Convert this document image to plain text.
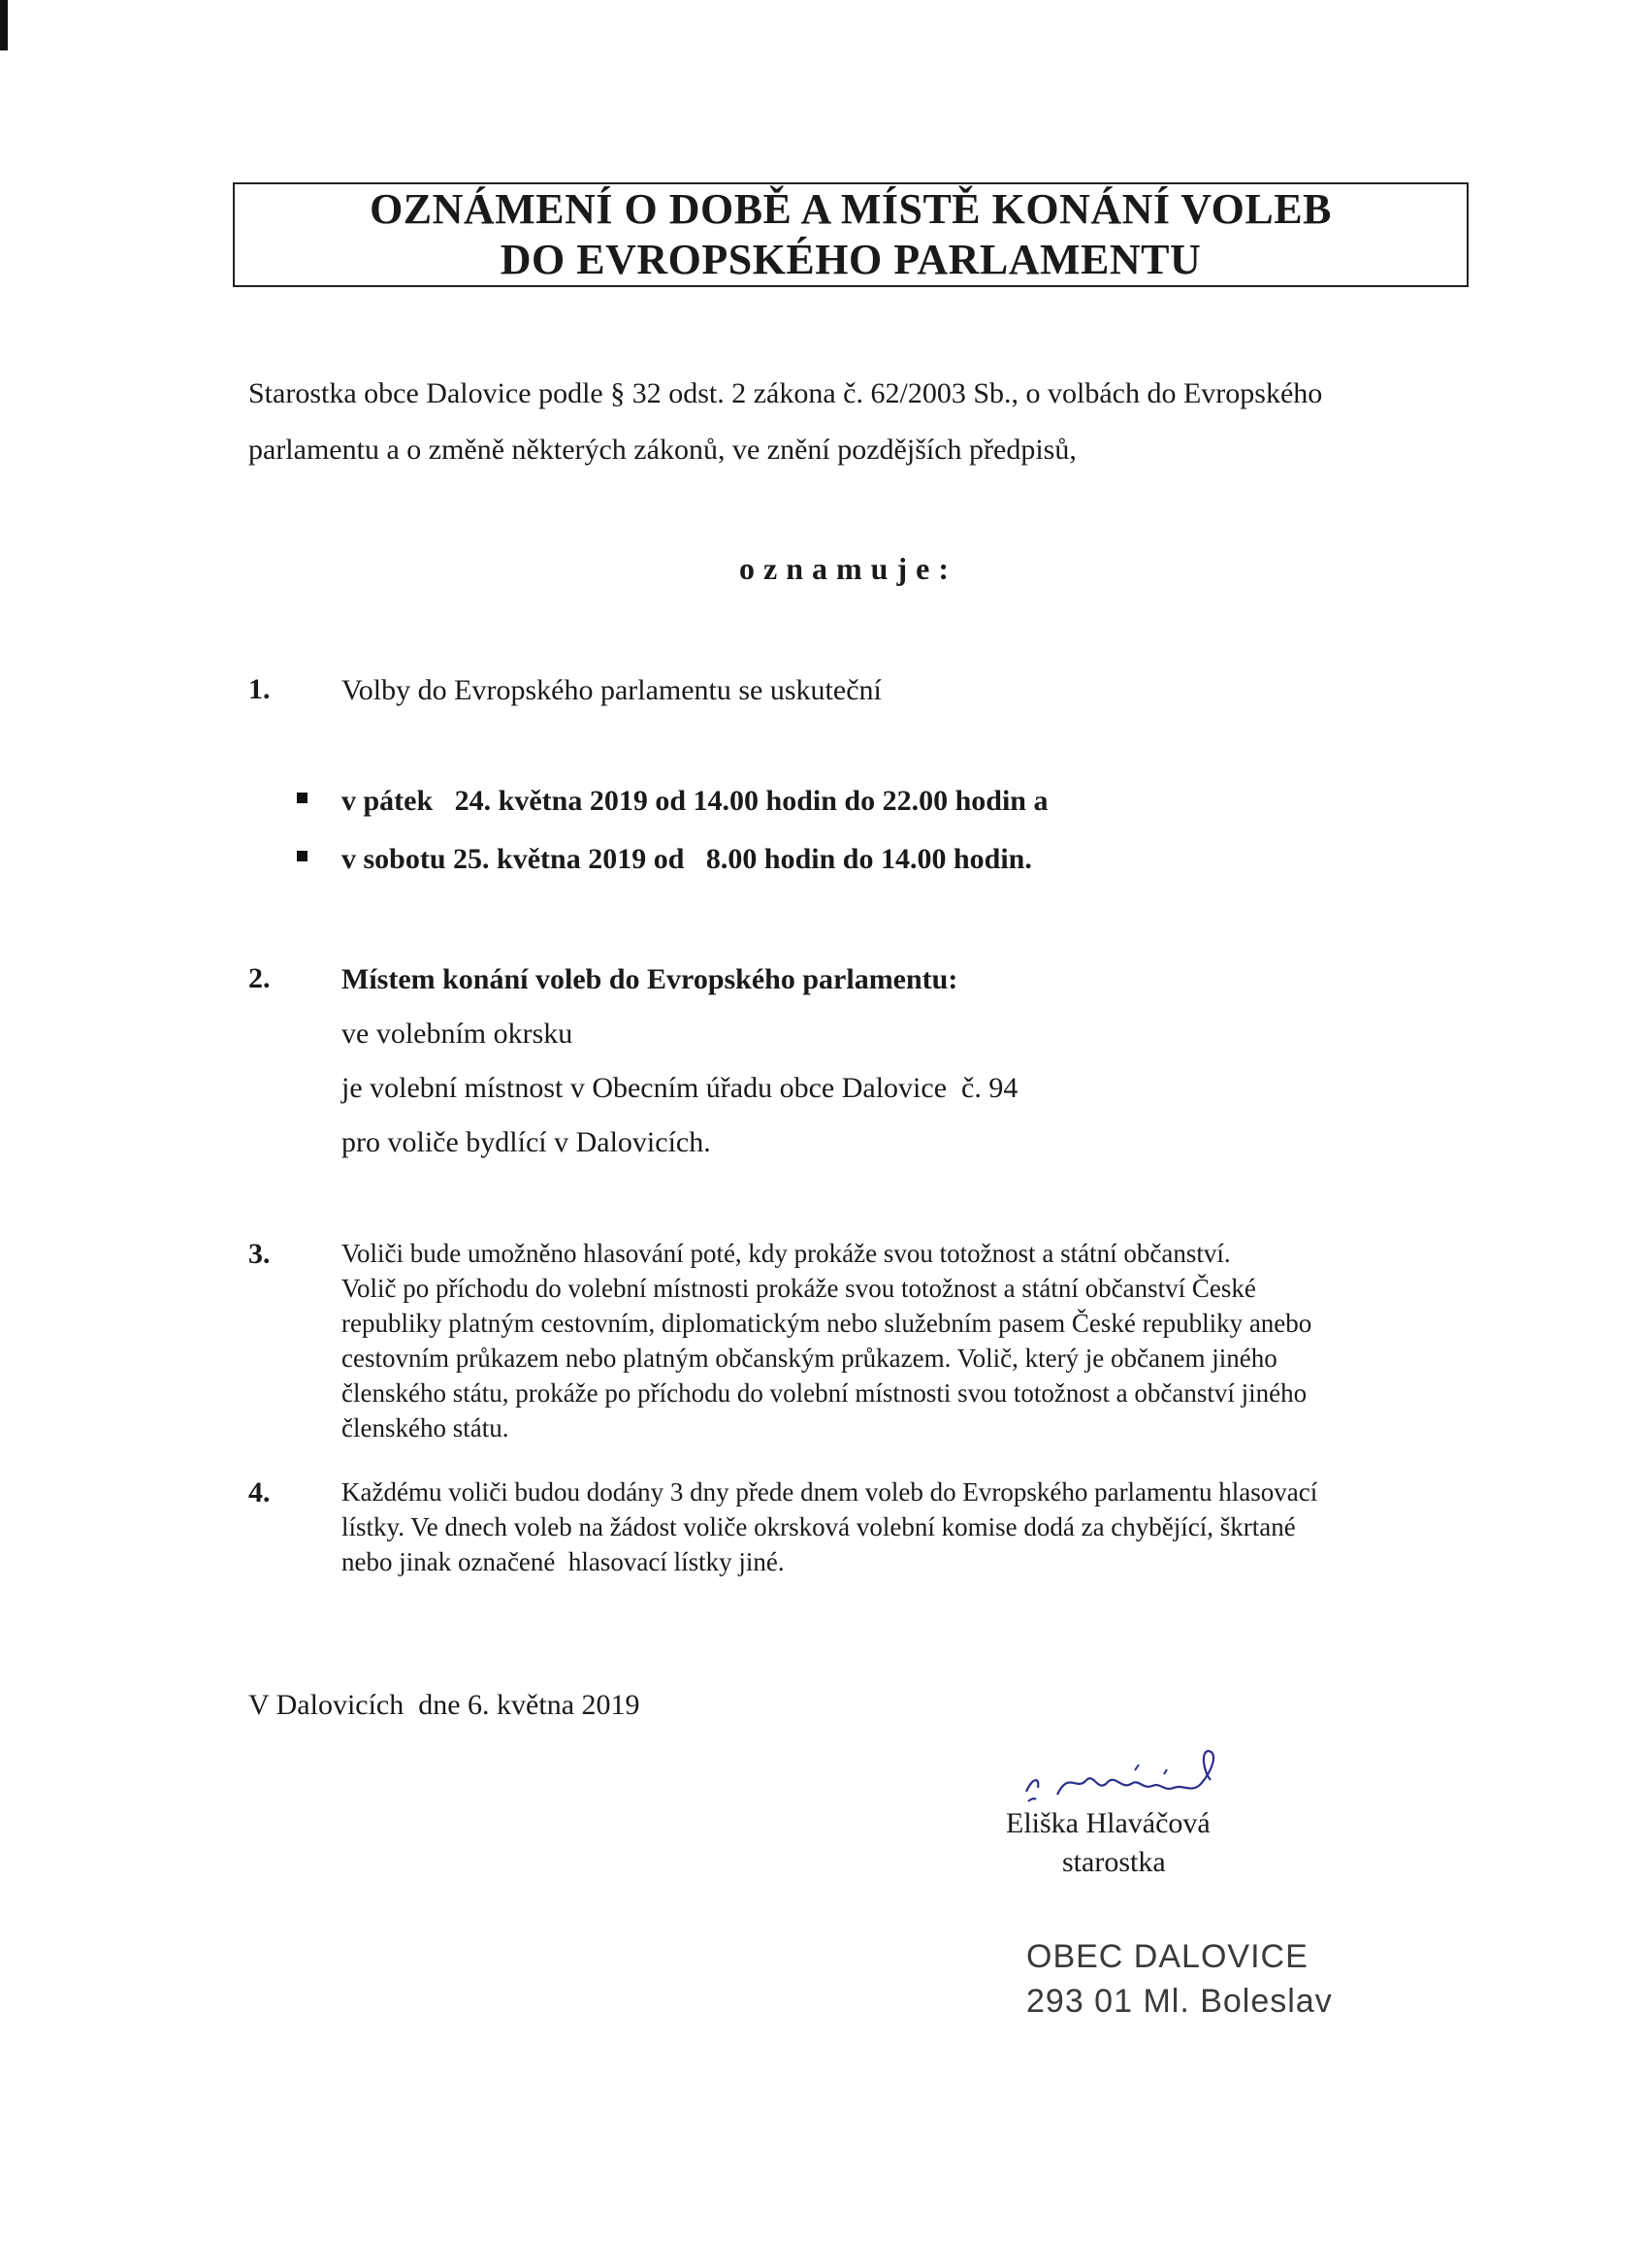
OZNÁMENÍ O DOBĚ A MÍSTĚ KONÁNÍ VOLEB
DO EVROPSKÉHO PARLAMENTU
Starostka obce Dalovice podle § 32 odst. 2 zákona č. 62/2003 Sb., o volbách do Evropského
parlamentu a o změně některých zákonů, ve znění pozdějších předpisů,
oznamuje:
1. Volby do Evropského parlamentu se uskuteční
v pátek   24. května 2019 od 14.00 hodin do 22.00 hodin a
v sobotu 25. května 2019 od   8.00 hodin do 14.00 hodin.
2. Místem konání voleb do Evropského parlamentu:
ve volebním okrsku
je volební místnost v Obecním úřadu obce Dalovice  č. 94
pro voliče bydlící v Dalovicích.
3.	Voliči bude umožněno hlasování poté, kdy prokáže svou totožnost a státní občanství.
Volič po příchodu do volební místnosti prokáže svou totožnost a státní občanství České
republiky platným cestovním, diplomatickým nebo služebním pasem České republiky anebo
cestovním průkazem nebo platným občanským průkazem. Volič, který je občanem jiného
členského státu, prokáže po příchodu do volební místnosti svou totožnost a občanství jiného
členského státu.
4.	Každému voliči budou dodány 3 dny přede dnem voleb do Evropského parlamentu hlasovací
lístky. Ve dnech voleb na žádost voliče okrsková volební komise dodá za chybějící, škrtané
nebo jinak označené  hlasovací lístky jiné.
V Dalovicích  dne 6. května 2019
Eliška Hlaváčová
starostka
OBEC DALOVICE
293 01 Ml. Boleslav
